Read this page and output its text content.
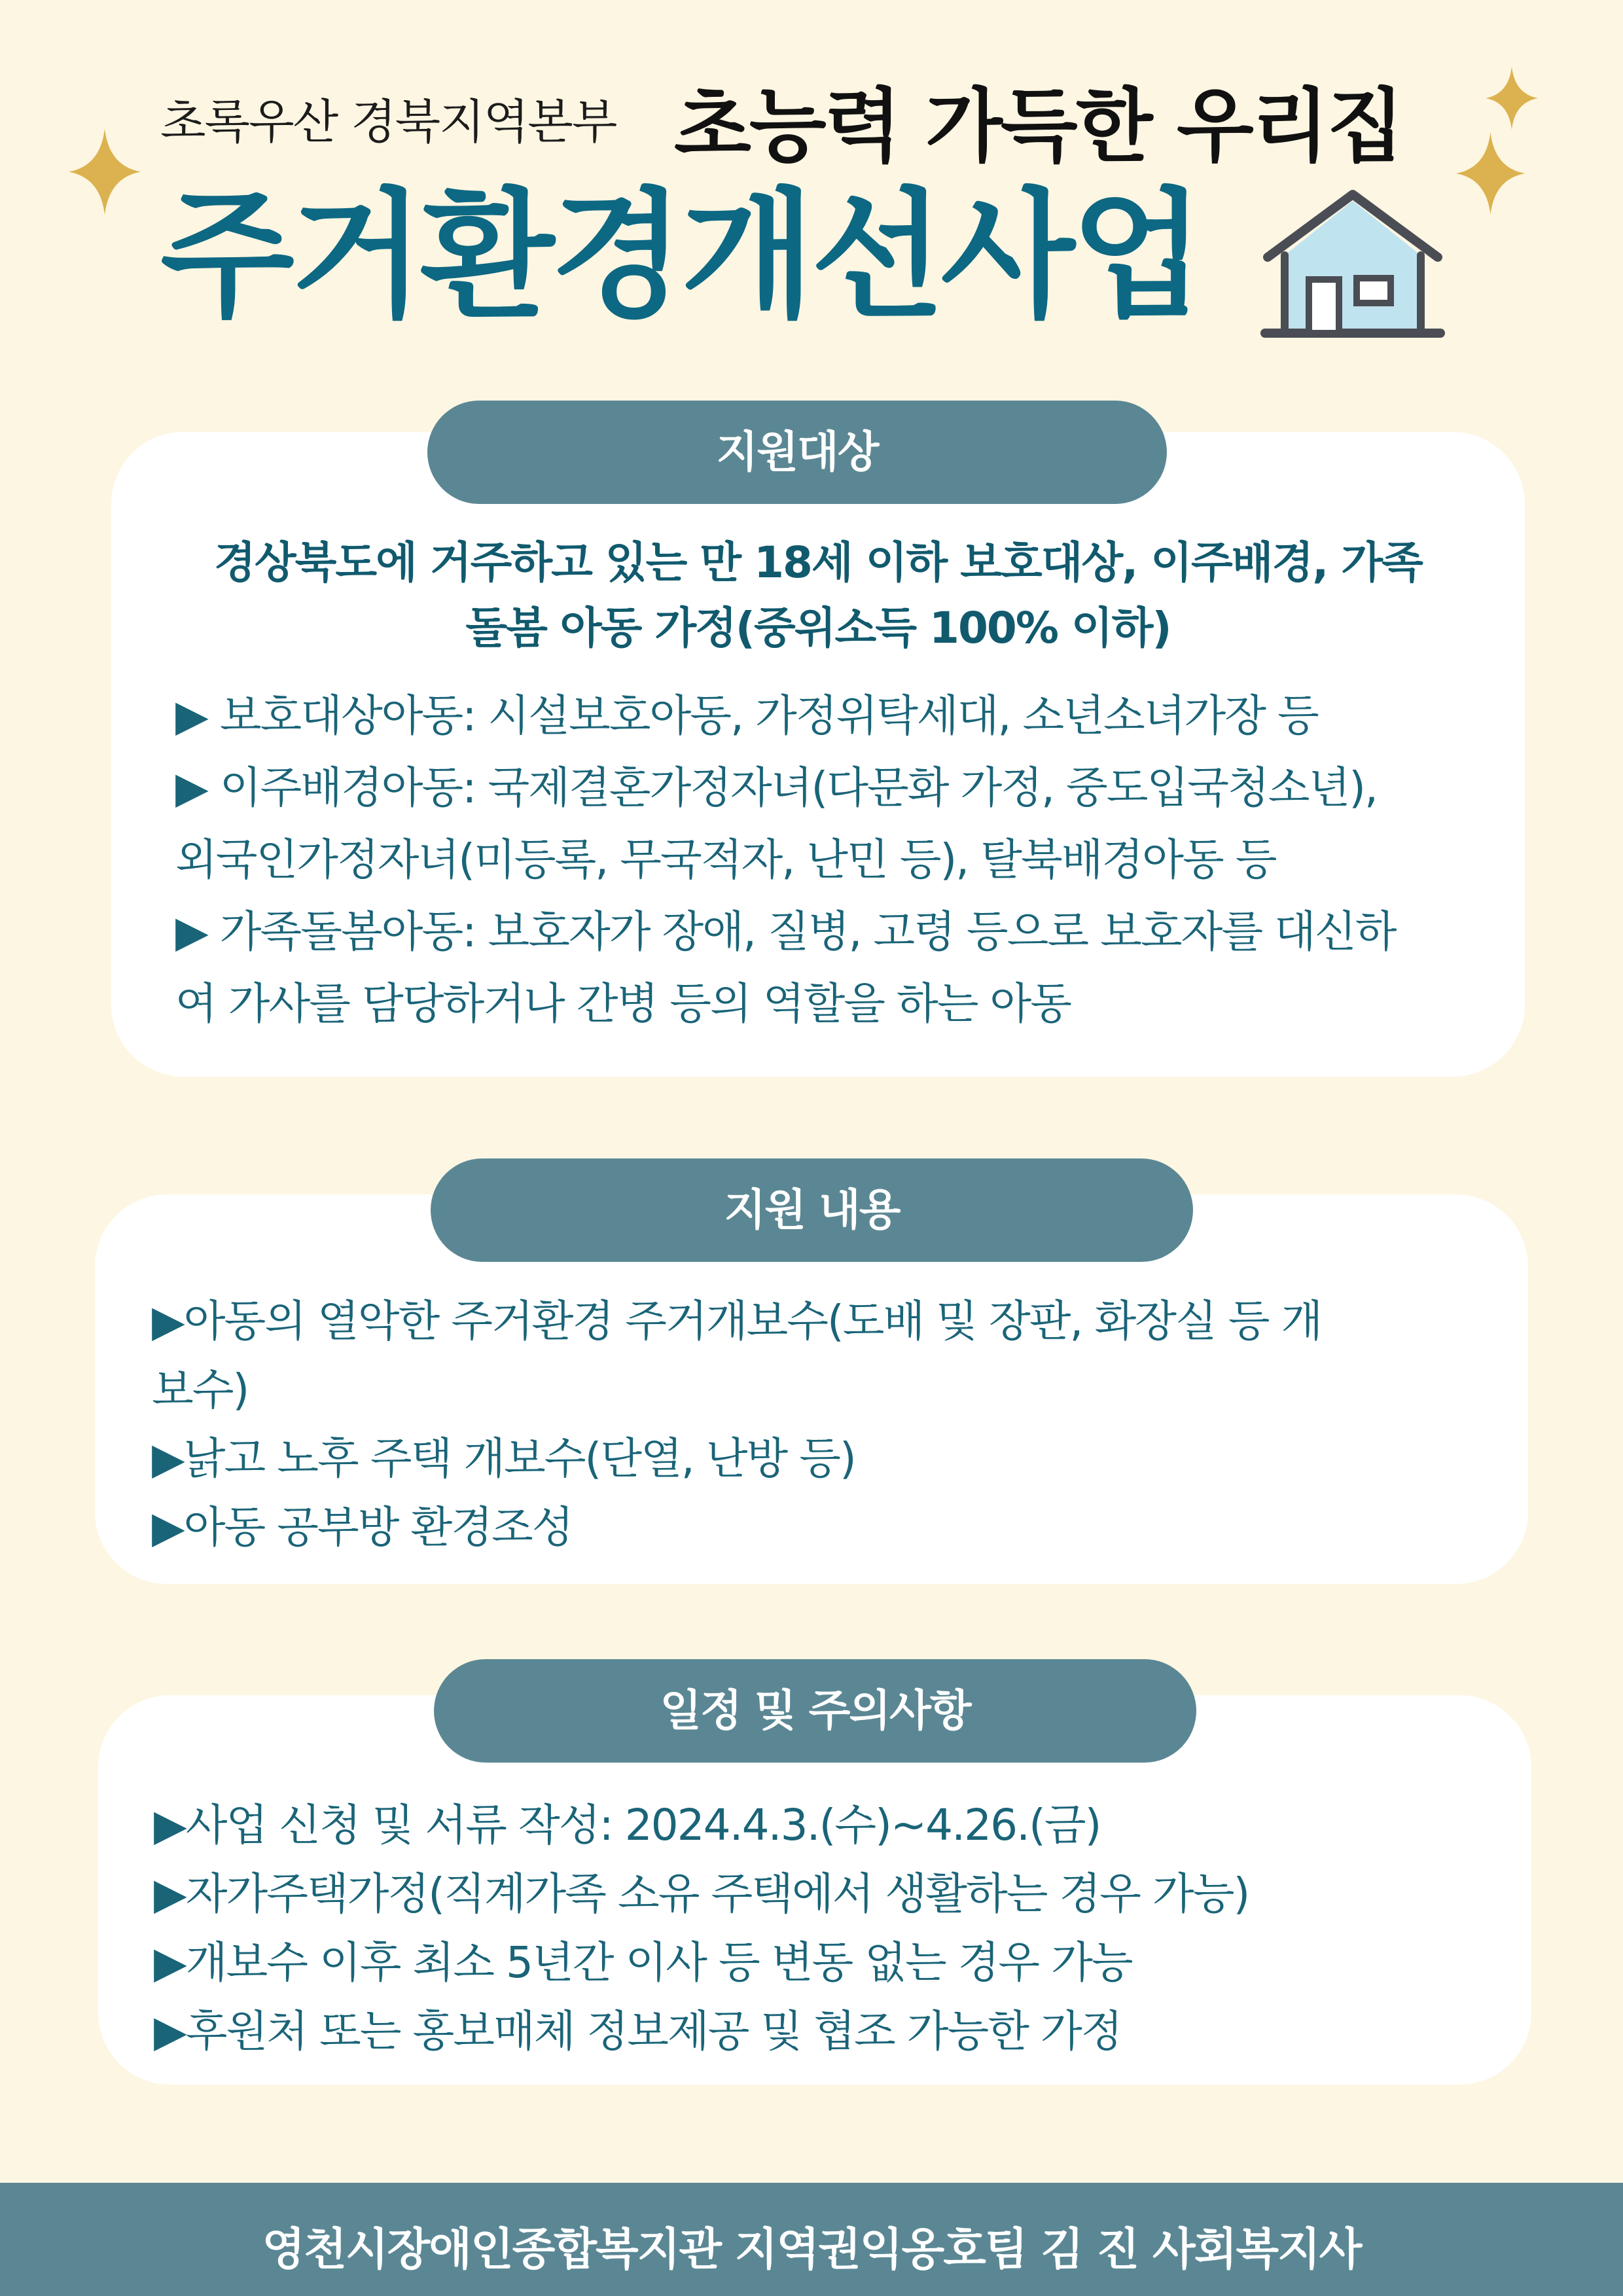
초록우산 경북지역본부 초능력 가득한 우리집
주거환경개선사업
지원대상
경상북도에 거주하고 있는 만 18세 이하 보호대상, 이주배경, 가족
돌봄 아동 가정(중위소득 100% 이하)
▶ 보호대상아동: 시설보호아동, 가정위탁세대, 소년소녀가장 등
▶ 이주배경아동: 국제결혼가정자녀(다문화 가정, 중도입국청소년),
외국인가정자녀(미등록, 무국적자, 난민 등), 탈북배경아동 등
▶ 가족돌봄아동: 보호자가 장애, 질병, 고령 등으로 보호자를 대신하
여 가사를 담당하거나 간병 등의 역할을 하는 아동
지원 내용
▶아동의 열악한 주거환경 주거개보수(도배 및 장판, 화장실 등 개
보수)
▶낡고 노후 주택 개보수(단열, 난방 등)
▶아동 공부방 환경조성
일정 및 주의사항
▶사업 신청 및 서류 작성: 2024.4.3.(수)~4.26.(금)
▶자가주택가정(직계가족 소유 주택에서 생활하는 경우 가능)
▶개보수 이후 최소 5년간 이사 등 변동 없는 경우 가능
▶후원처 또는 홍보매체 정보제공 및 협조 가능한 가정
영천시장애인종합복지관 지역권익옹호팀 김 진 사회복지사
